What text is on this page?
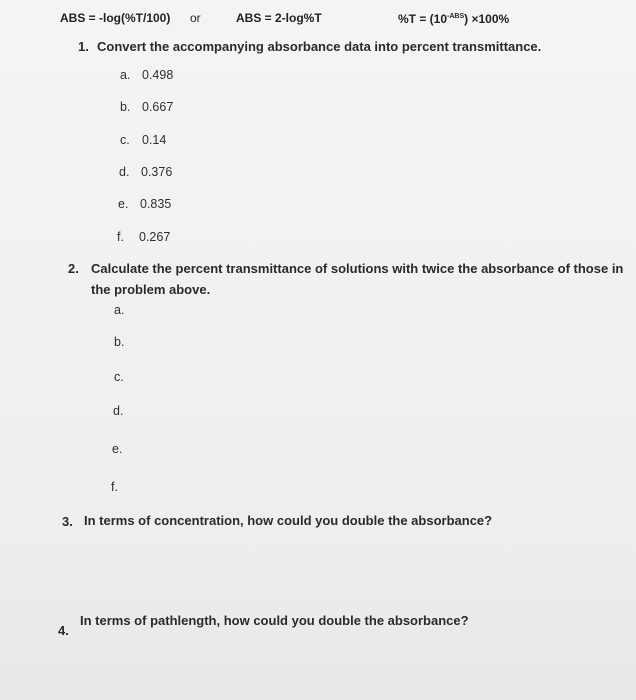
ABS = -log(%T/100) or	ABS = 2-log%T	$\%T = (10^{-ABS}) \times 100\%$
1. Convert the accompanying absorbance data into percent transmittance.
a. 0.498
b. 0.667
c. 0.14
d. 0.376
e. 0.835
f. 0.267
2. Calculate the percent transmittance of solutions with twice the absorbance of those in the problem above.
a.
b.
c.
d.
e.
f.
3. In terms of concentration, how could you double the absorbance?
4.
In terms of pathlength, how could you double the absorbance?
